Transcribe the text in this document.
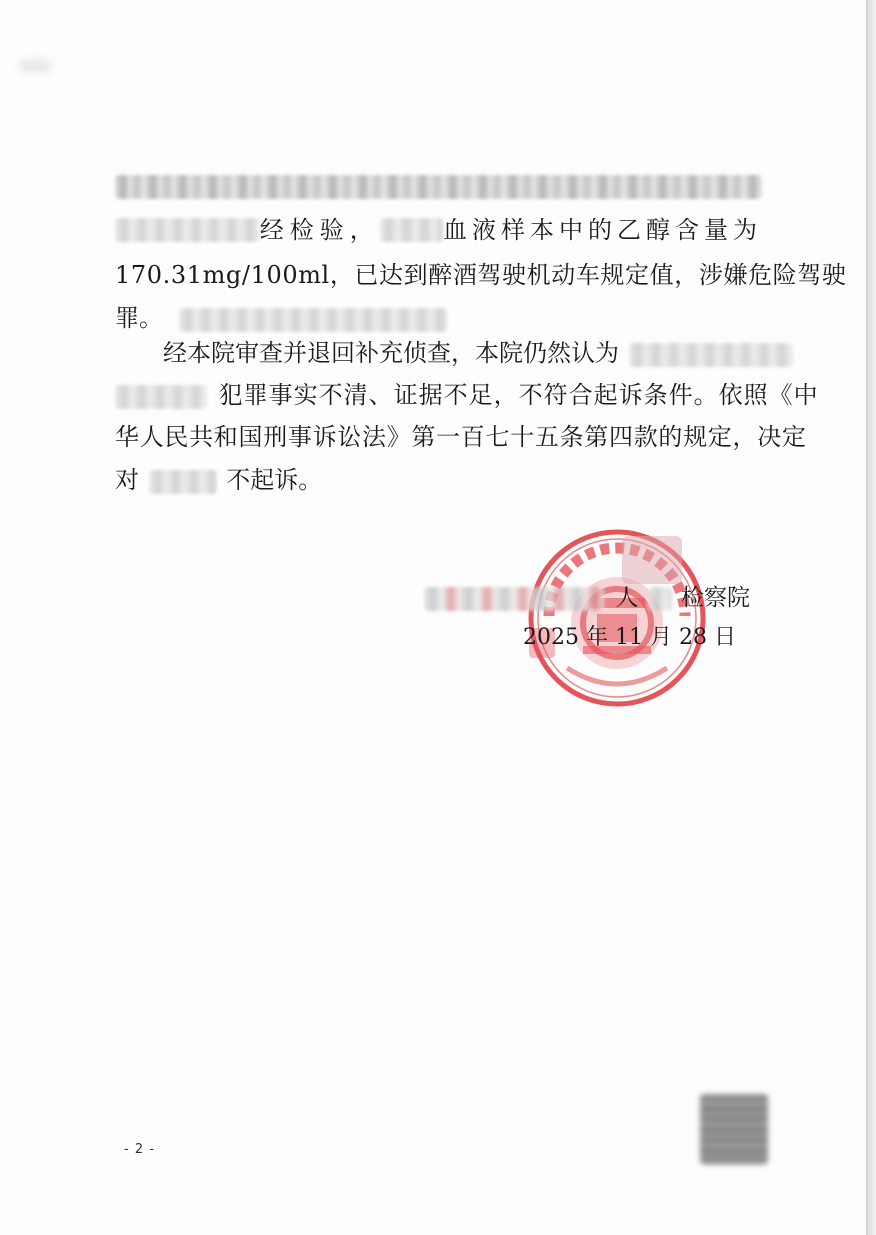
经检验，	血液样本中的乙醇含量为
170.31mg/100ml，已达到醉酒驾驶机动车规定值，涉嫌危险驾驶
罪。
经本院审查并退回补充侦查，本院仍然认为
犯罪事实不清、证据不足，不符合起诉条件。依照《中
华人民共和国刑事诉讼法》第一百七十五条第四款的规定，决定
对	不起诉。
人 检察院
2025 年 11 月 28 日
- 2 -
